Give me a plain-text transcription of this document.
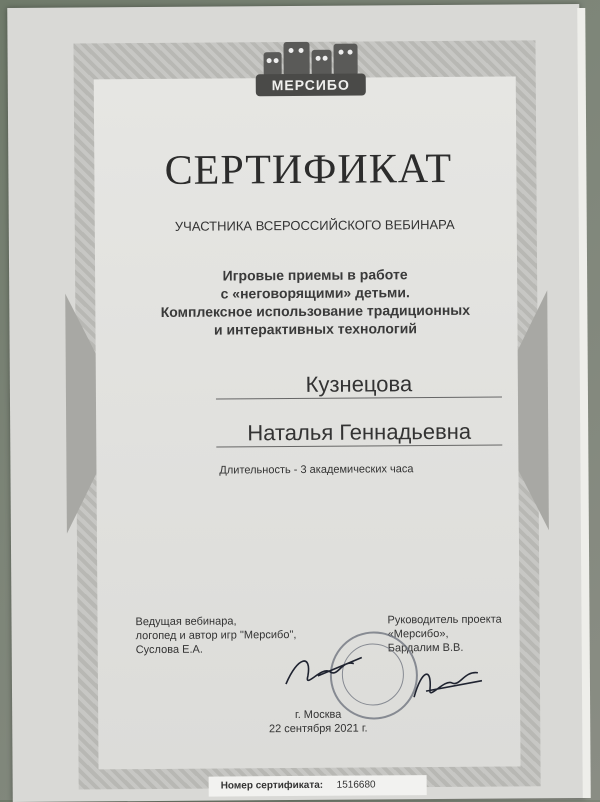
МЕРСИБО
СЕРТИФИКАТ
УЧАСТНИКА ВСЕРОССИЙСКОГО ВЕБИНАРА
Игровые приемы в работе
с «неговорящими» детьми.
Комплексное использование традиционных
и интерактивных технологий
Кузнецова
Наталья Геннадьевна
Длительность - 3 академических часа
Ведущая вебинара,
логопед и автор игр "Мерсибо",
Суслова Е.А.
Руководитель проекта
«Мерсибо»,
Бардалим В.В.
г. Москва
22 сентября 2021 г.
Номер сертификата: 1516680
